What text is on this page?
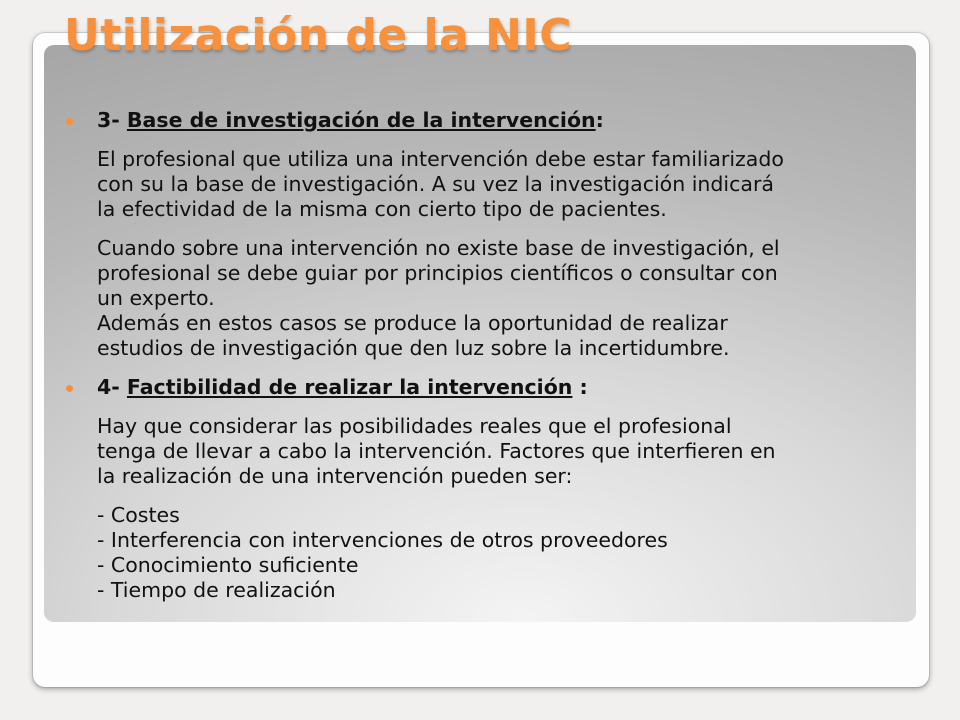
Utilización de la NIC
3- Base de investigación de la intervención:
El profesional que utiliza una intervención debe estar familiarizado
con su la base de investigación. A su vez la investigación indicará
la efectividad de la misma con cierto tipo de pacientes.
Cuando sobre una intervención no existe base de investigación, el
profesional se debe guiar por principios científicos o consultar con
un experto.
Además en estos casos se produce la oportunidad de realizar
estudios de investigación que den luz sobre la incertidumbre.
4- Factibilidad de realizar la intervención :
Hay que considerar las posibilidades reales que el profesional
tenga de llevar a cabo la intervención. Factores que interfieren en
la realización de una intervención pueden ser:
- Costes
- Interferencia con intervenciones de otros proveedores
- Conocimiento suficiente
- Tiempo de realización
